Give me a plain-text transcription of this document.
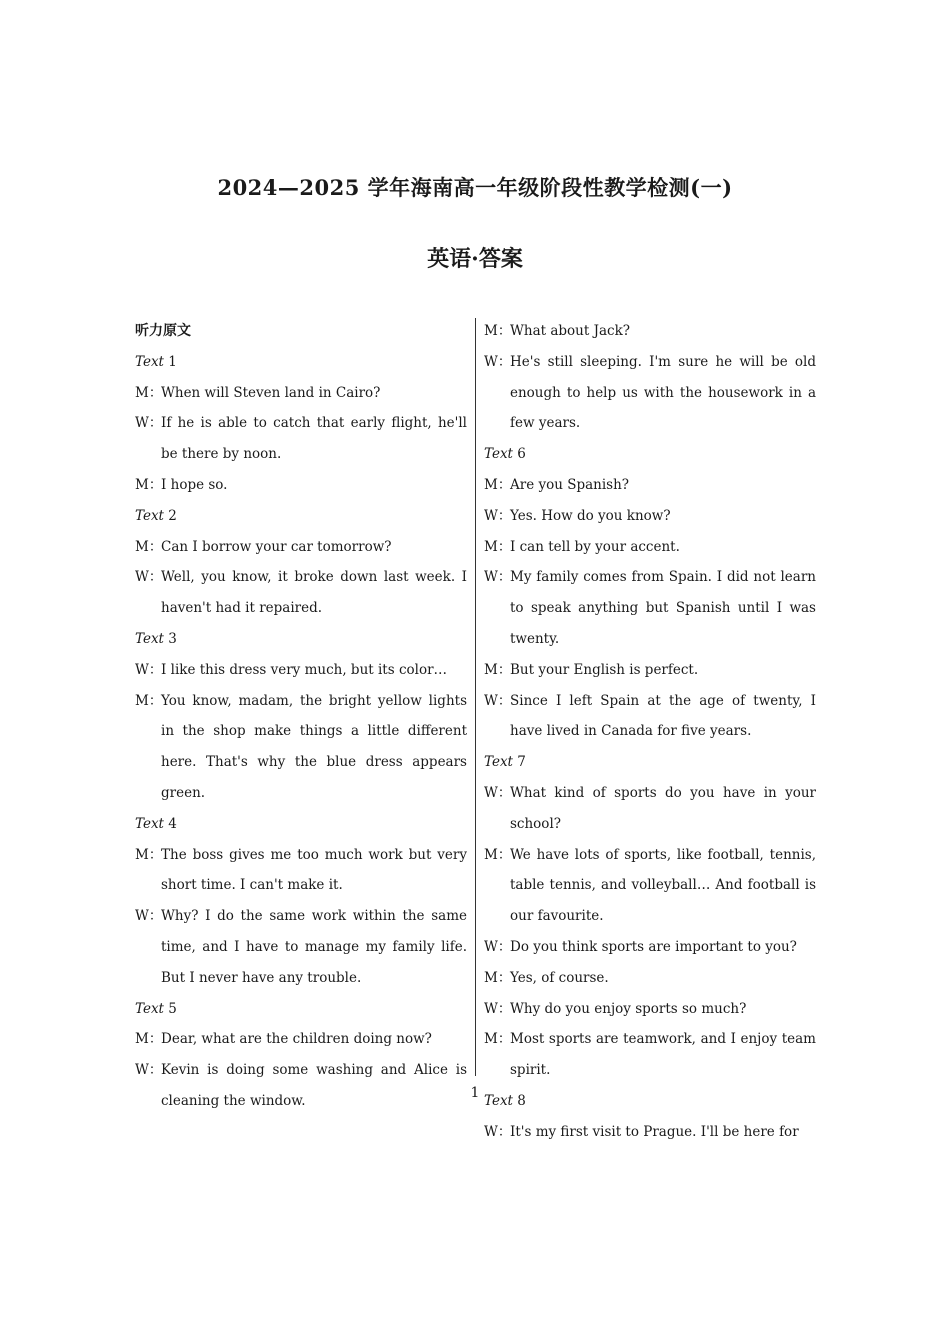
2024—2025 学年海南高一年级阶段性教学检测(一)
英语·答案
听力原文
Text 1
M：When will Steven land in Cairo?
W：If he is able to catch that early flight, he'll be there by noon.
M：I hope so.
Text 2
M：Can I borrow your car tomorrow?
W：Well, you know, it broke down last week. I haven't had it repaired.
Text 3
W：I like this dress very much, but its color…
M：You know, madam, the bright yellow lights in the shop make things a little different here. That's why the blue dress appears green.
Text 4
M：The boss gives me too much work but very short time. I can't make it.
W：Why? I do the same work within the same time, and I have to manage my family life. But I never have any trouble.
Text 5
M：Dear, what are the children doing now?
W：Kevin is doing some washing and Alice is cleaning the window.
M：What about Jack?
W：He's still sleeping. I'm sure he will be old enough to help us with the housework in a few years.
Text 6
M：Are you Spanish?
W：Yes. How do you know?
M：I can tell by your accent.
W：My family comes from Spain. I did not learn to speak anything but Spanish until I was twenty.
M：But your English is perfect.
W：Since I left Spain at the age of twenty, I have lived in Canada for five years.
Text 7
W：What kind of sports do you have in your school?
M：We have lots of sports, like football, tennis, table tennis, and volleyball… And football is our favourite.
W：Do you think sports are important to you?
M：Yes, of course.
W：Why do you enjoy sports so much?
M：Most sports are teamwork, and I enjoy team spirit.
Text 8
W：It's my first visit to Prague. I'll be here for
1
